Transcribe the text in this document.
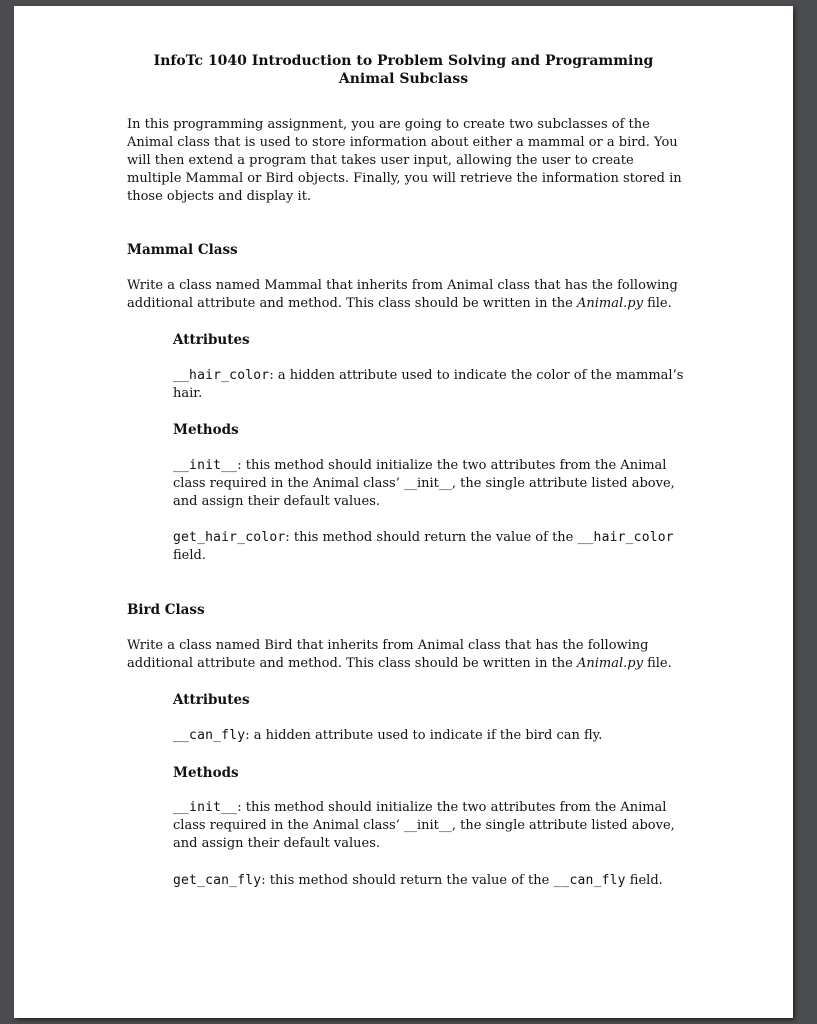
InfoTc 1040 Introduction to Problem Solving and Programming
Animal Subclass

In this programming assignment, you are going to create two subclasses of the Animal class that is used to store information about either a mammal or a bird. You will then extend a program that takes user input, allowing the user to create multiple Mammal or Bird objects. Finally, you will retrieve the information stored in those objects and display it.

Mammal Class

Write a class named Mammal that inherits from Animal class that has the following additional attribute and method. This class should be written in the Animal.py file.

Attributes

__hair_color: a hidden attribute used to indicate the color of the mammal’s hair.

Methods

__init__: this method should initialize the two attributes from the Animal class required in the Animal class’ __init__, the single attribute listed above, and assign their default values.

get_hair_color: this method should return the value of the __hair_color field.

Bird Class

Write a class named Bird that inherits from Animal class that has the following additional attribute and method. This class should be written in the Animal.py file.

Attributes

__can_fly: a hidden attribute used to indicate if the bird can fly.

Methods

__init__: this method should initialize the two attributes from the Animal class required in the Animal class’ __init__, the single attribute listed above, and assign their default values.

get_can_fly: this method should return the value of the __can_fly field.
